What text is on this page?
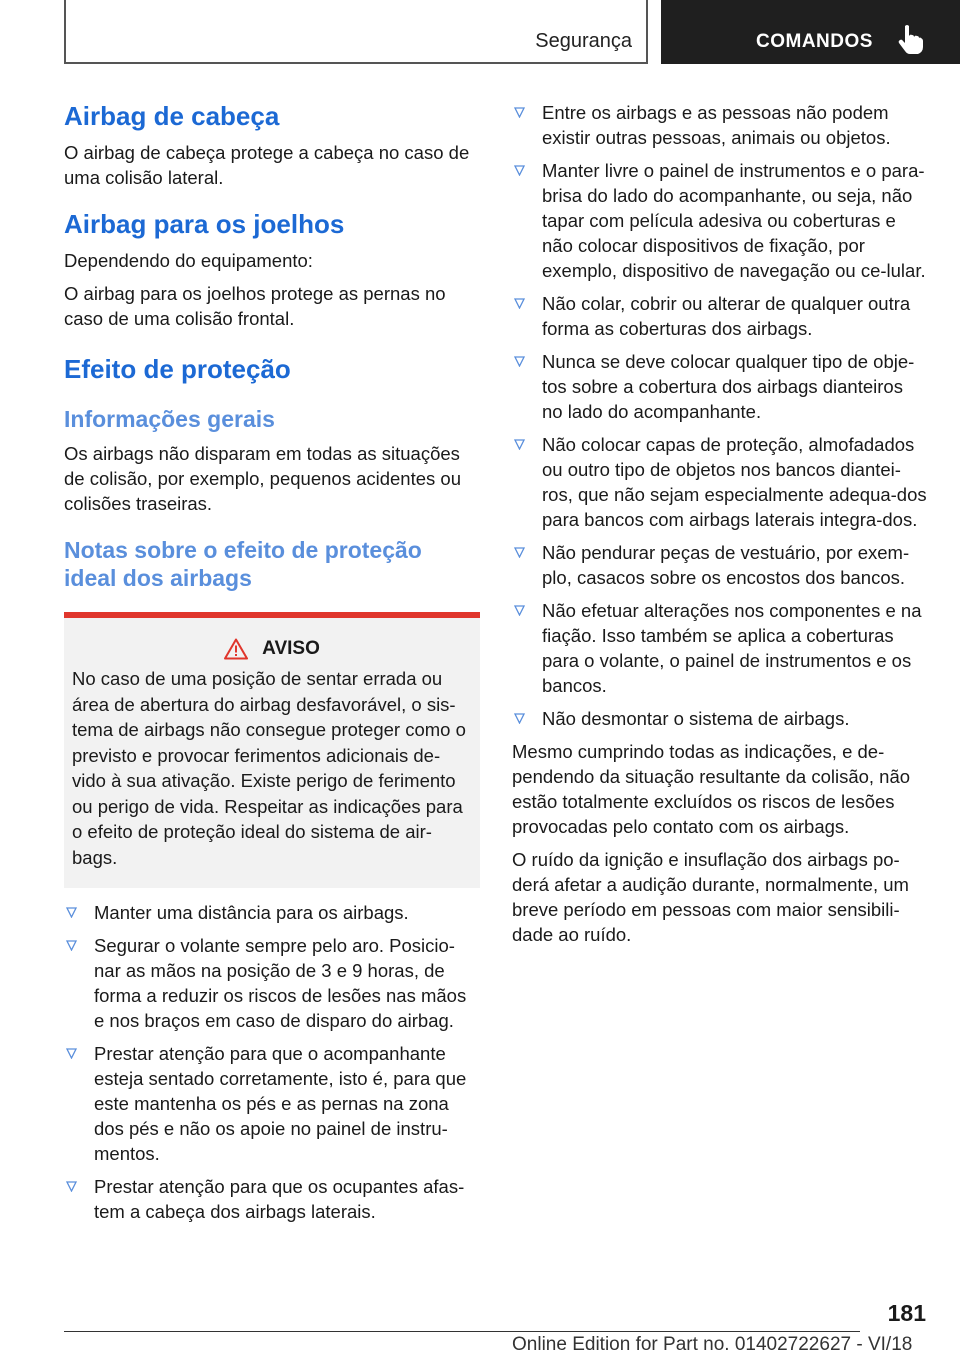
Segurança	COMANDOS
Airbag de cabeça

O airbag de cabeça protege a cabeça no caso de uma colisão lateral.

Airbag para os joelhos

Dependendo do equipamento:

O airbag para os joelhos protege as pernas no caso de uma colisão frontal.

Efeito de proteção
Informações gerais

Os airbags não disparam em todas as situações de colisão, por exemplo, pequenos acidentes ou colisões traseiras.

Notas sobre o efeito de proteção ideal dos airbags
AVISO

No caso de uma posição de sentar errada ou área de abertura do airbag desfavorável, o sis-tema de airbags não consegue proteger como o previsto e provocar ferimentos adicionais de-vido à sua ativação. Existe perigo de ferimento ou perigo de vida. Respeitar as indicações para o efeito de proteção ideal do sistema de air-bags.

Manter uma distância para os airbags.
Segurar o volante sempre pelo aro. Posicio-nar as mãos na posição de 3 e 9 horas, de forma a reduzir os riscos de lesões nas mãos e nos braços em caso de disparo do airbag.
Prestar atenção para que o acompanhante esteja sentado corretamente, isto é, para que este mantenha os pés e as pernas na zona dos pés e não os apoie no painel de instru-mentos.
Prestar atenção para que os ocupantes afas-tem a cabeça dos airbags laterais.
Entre os airbags e as pessoas não podem existir outras pessoas, animais ou objetos.
Manter livre o painel de instrumentos e o para-brisa do lado do acompanhante, ou seja, não tapar com película adesiva ou coberturas e não colocar dispositivos de fixação, por exemplo, dispositivo de navegação ou ce-lular.
Não colar, cobrir ou alterar de qualquer outra forma as coberturas dos airbags.
Nunca se deve colocar qualquer tipo de obje-tos sobre a cobertura dos airbags dianteiros no lado do acompanhante.
Não colocar capas de proteção, almofadados ou outro tipo de objetos nos bancos diantei-ros, que não sejam especialmente adequa-dos para bancos com airbags laterais integra-dos.
Não pendurar peças de vestuário, por exem-plo, casacos sobre os encostos dos bancos.
Não efetuar alterações nos componentes e na fiação. Isso também se aplica a coberturas para o volante, o painel de instrumentos e os bancos.
Não desmontar o sistema de airbags.

Mesmo cumprindo todas as indicações, e de-pendendo da situação resultante da colisão, não estão totalmente excluídos os riscos de lesões provocadas pelo contato com os airbags.

O ruído da ignição e insuflação dos airbags po-derá afetar a audição durante, normalmente, um breve período em pessoas com maior sensibili-dade ao ruído.

181
Online Edition for Part no. 01402722627 - VI/18
